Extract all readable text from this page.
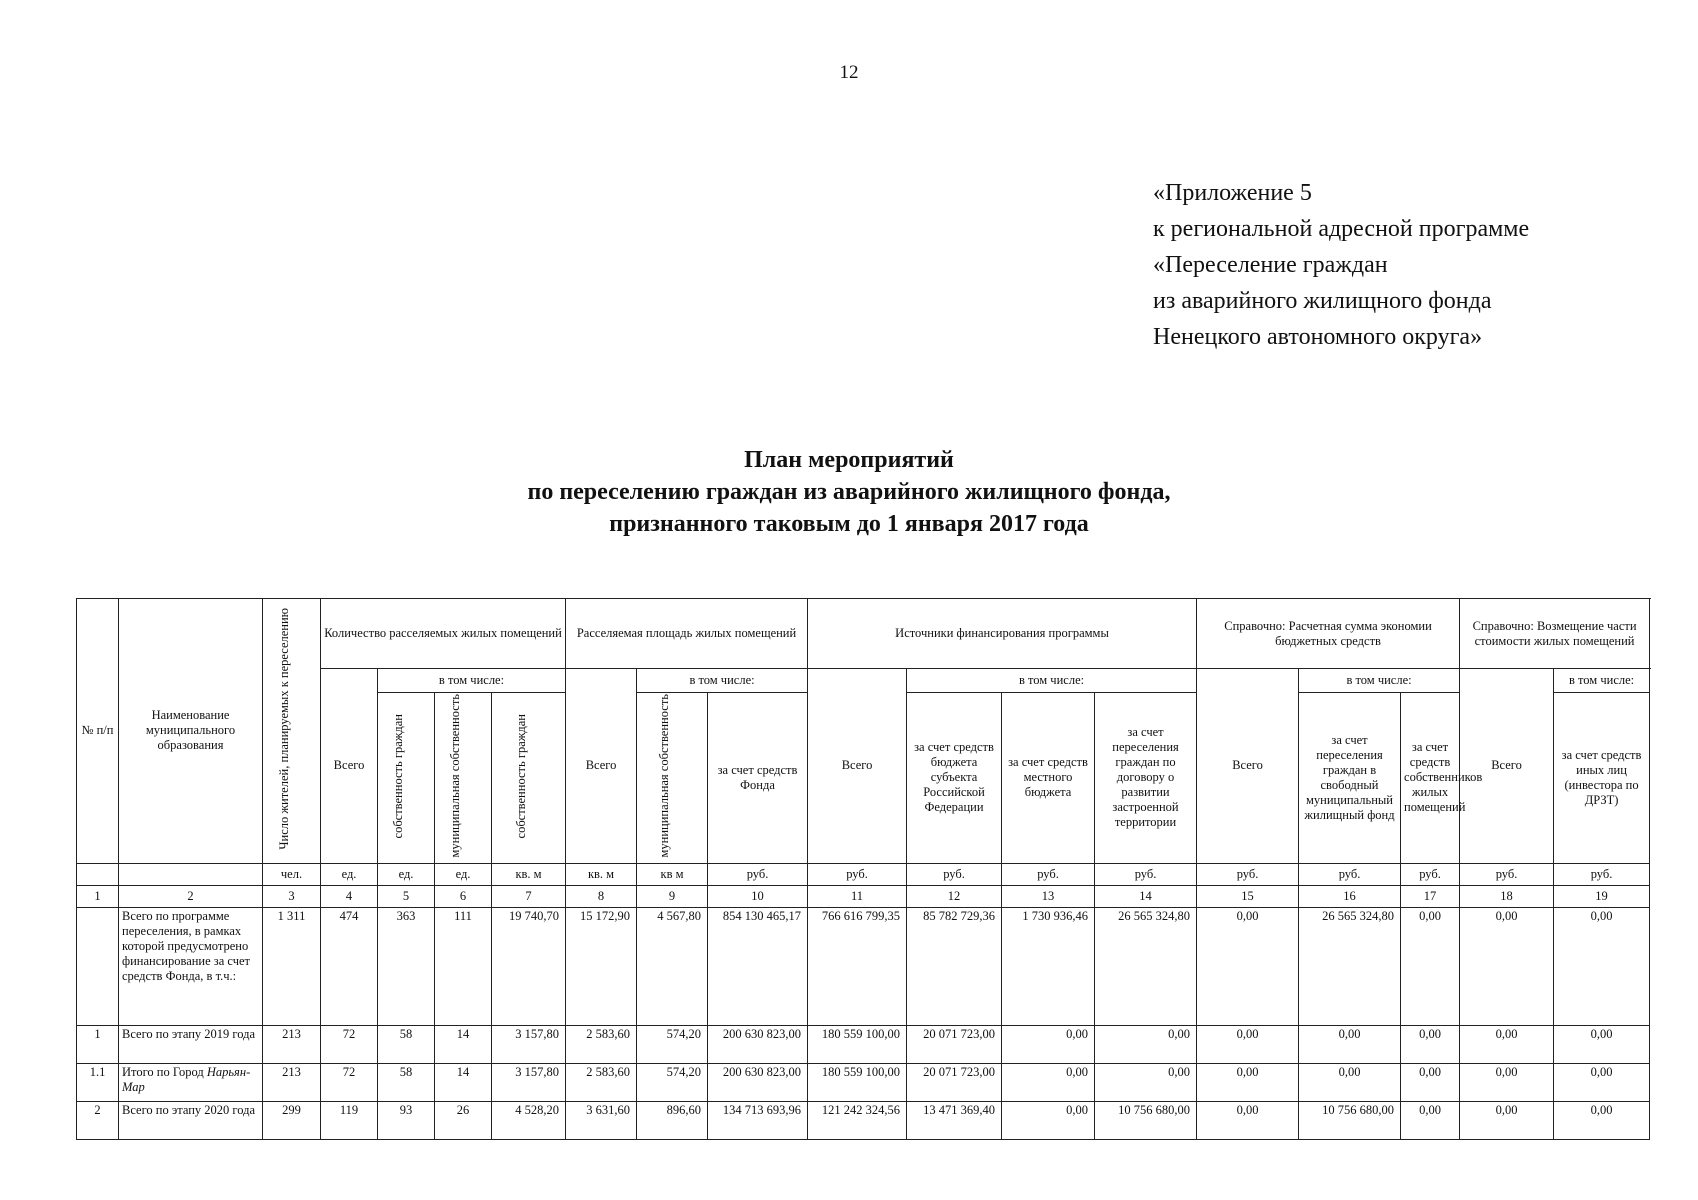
12
«Приложение 5
к региональной адресной программе
«Переселение граждан
из аварийного жилищного фонда
Ненецкого автономного округа»
План мероприятий
по переселению граждан из аварийного жилищного фонда,
признанного таковым до 1 января 2017 года
№ п/п	Наименование муниципального образования	Число жителей, планируемых к переселению	Количество расселяемых жилых помещений				Расселяемая площадь жилых помещений			Источники финансирования программы				Справочно: Расчетная сумма экономии бюджетных средств			Справочно: Возмещение части стоимости жилых помещений	
			Всего	в том числе:			Всего	в том числе:		Всего	в том числе:			Всего	в том числе:		Всего	в том числе:
				собственность граждан	муниципальная собственность	собственность граждан		муниципальная собственность	за счет средств Фонда		за счет средств бюджета субъекта Российской Федерации	за счет средств местного бюджета	за счет переселения граждан по договору о развитии застроенной территории		за счет переселения граждан в свободный муниципальный жилищный фонд	за счет средств собственников жилых помещений		за счет средств иных лиц (инвестора по ДРЗТ)
		чел.	ед.	ед.	ед.	кв. м	кв. м	кв м	руб.	руб.	руб.	руб.	руб.	руб.	руб.	руб.	руб.	руб.
1	2	3	4	5	6	7	8	9	10	11	12	13	14	15	16	17	18	19
	Всего по программе переселения, в рамках которой предусмотрено финансирование за счет средств Фонда, в т.ч.:	1 311	474	363	111	19 740,70	15 172,90	4 567,80	854 130 465,17	766 616 799,35	85 782 729,36	1 730 936,46	26 565 324,80	0,00	26 565 324,80	0,00	0,00	0,00
1	Всего по этапу 2019 года	213	72	58	14	3 157,80	2 583,60	574,20	200 630 823,00	180 559 100,00	20 071 723,00	0,00	0,00	0,00	0,00	0,00	0,00	0,00
1.1	Итого по Город Нарьян-Мар	213	72	58	14	3 157,80	2 583,60	574,20	200 630 823,00	180 559 100,00	20 071 723,00	0,00	0,00	0,00	0,00	0,00	0,00	0,00
2	Всего по этапу 2020 года	299	119	93	26	4 528,20	3 631,60	896,60	134 713 693,96	121 242 324,56	13 471 369,40	0,00	10 756 680,00	0,00	10 756 680,00	0,00	0,00	0,00
